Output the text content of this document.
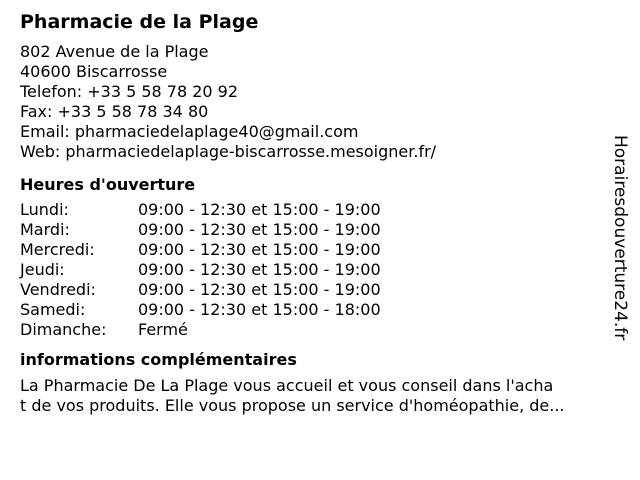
Pharmacie de la Plage
802 Avenue de la Plage
40600 Biscarrosse
Telefon: +33 5 58 78 20 92
Fax: +33 5 58 78 34 80
Email: pharmaciedelaplage40@gmail.com
Web: pharmaciedelaplage-biscarrosse.mesoigner.fr/
Heures d'ouverture
Lundi:	09:00 - 12:30 et 15:00 - 19:00
Mardi:	09:00 - 12:30 et 15:00 - 19:00
Mercredi:	09:00 - 12:30 et 15:00 - 19:00
Jeudi:	09:00 - 12:30 et 15:00 - 19:00
Vendredi:	09:00 - 12:30 et 15:00 - 19:00
Samedi:	09:00 - 12:30 et 15:00 - 18:00
Dimanche:	Fermé
informations complémentaires
La Pharmacie De La Plage vous accueil et vous conseil dans l'acha
t de vos produits. Elle vous propose un service d'homéopathie, de...
Horairesdouverture24.fr
